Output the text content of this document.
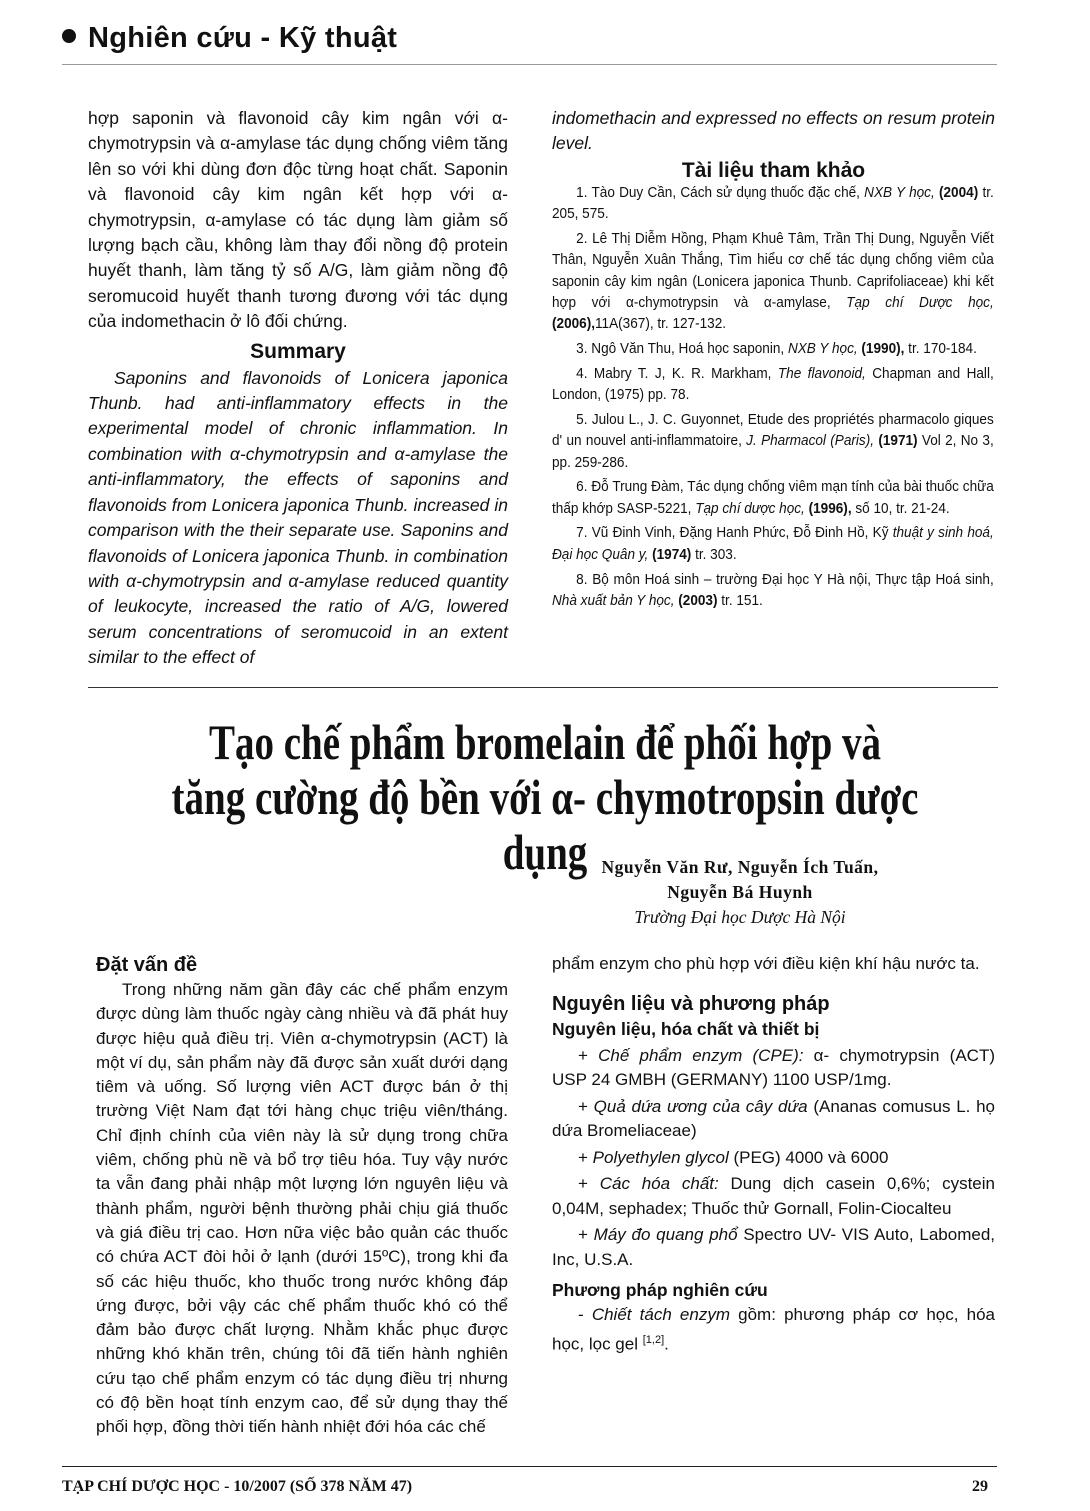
Nghiên cứu - Kỹ thuật

hợp saponin và flavonoid cây kim ngân với α-chymotrypsin và α-amylase tác dụng chống viêm tăng lên so với khi dùng đơn độc từng hoạt chất. Saponin và flavonoid cây kim ngân kết hợp với α-chymotrypsin, α-amylase có tác dụng làm giảm số lượng bạch cầu, không làm thay đổi nồng độ protein huyết thanh, làm tăng tỷ số A/G, làm giảm nồng độ seromucoid huyết thanh tương đương với tác dụng của indomethacin ở lô đối chứng.

Summary

Saponins and flavonoids of Lonicera japonica Thunb. had anti-inflammatory effects in the experimental model of chronic inflammation. In combination with α-chymotrypsin and α-amylase the anti-inflammatory, the effects of saponins and flavonoids from Lonicera japonica Thunb. increased in comparison with the their separate use. Saponins and flavonoids of Lonicera japonica Thunb. in combination with α-chymotrypsin and α-amylase reduced quantity of leukocyte, increased the ratio of A/G, lowered serum concentrations of seromucoid in an extent similar to the effect of

indomethacin and expressed no effects on resum protein level.

Tài liệu tham khảo

1. Tào Duy Cần, Cách sử dụng thuốc đặc chế, NXB Y học, (2004) tr. 205, 575.

2. Lê Thị Diễm Hồng, Phạm Khuê Tâm, Trần Thị Dung, Nguyễn Viết Thân, Nguyễn Xuân Thắng, Tìm hiểu cơ chế tác dụng chống viêm của saponin cây kim ngân (Lonicera japonica Thunb. Caprifoliaceae) khi kết hợp với α-chymotrypsin và α-amylase, Tạp chí Dược học, (2006),11A(367), tr. 127-132.

3. Ngô Văn Thu, Hoá học saponin, NXB Y học, (1990), tr. 170-184.

4. Mabry T. J, K. R. Markham, The flavonoid, Chapman and Hall, London, (1975) pp. 78.

5. Julou L., J. C. Guyonnet, Etude des propriétés pharmacolo giques d' un nouvel anti-inflammatoire, J. Pharmacol (Paris), (1971) Vol 2, No 3, pp. 259-286.

6. Đỗ Trung Đàm, Tác dụng chống viêm mạn tính của bài thuốc chữa thấp khớp SASP-5221, Tạp chí dược học, (1996), số 10, tr. 21-24.

7. Vũ Đinh Vinh, Đặng Hanh Phức, Đỗ Đinh Hồ, Kỹ thuật y sinh hoá, Đại học Quân y, (1974) tr. 303.

8. Bộ môn Hoá sinh – trường Đại học Y Hà nội, Thực tập Hoá sinh, Nhà xuất bản Y học, (2003) tr. 151.

Tạo chế phẩm bromelain để phối hợp và
tăng cường độ bền với α- chymotropsin dược dụng Nguyễn Văn Rư, Nguyễn Ích Tuấn,
Nguyễn Bá Huynh
Trường Đại học Dược Hà Nội
Đặt vấn đề

Trong những năm gần đây các chế phẩm enzym được dùng làm thuốc ngày càng nhiều và đã phát huy được hiệu quả điều trị. Viên α-chymotrypsin (ACT) là một ví dụ, sản phẩm này đã được sản xuất dưới dạng tiêm và uống. Số lượng viên ACT được bán ở thị trường Việt Nam đạt tới hàng chục triệu viên/tháng. Chỉ định chính của viên này là sử dụng trong chữa viêm, chống phù nề và bổ trợ tiêu hóa. Tuy vậy nước ta vẫn đang phải nhập một lượng lớn nguyên liệu và thành phẩm, người bệnh thường phải chịu giá thuốc và giá điều trị cao. Hơn nữa việc bảo quản các thuốc có chứa ACT đòi hỏi ở lạnh (dưới 15ºC), trong khi đa số các hiệu thuốc, kho thuốc trong nước không đáp ứng được, bởi vậy các chế phẩm thuốc khó có thể đảm bảo được chất lượng. Nhằm khắc phục được những khó khăn trên, chúng tôi đã tiến hành nghiên cứu tạo chế phẩm enzym có tác dụng điều trị nhưng có độ bền hoạt tính enzym cao, để sử dụng thay thế phối hợp, đồng thời tiến hành nhiệt đới hóa các chế

phẩm enzym cho phù hợp với điều kiện khí hậu nước ta.

Nguyên liệu và phương pháp
Nguyên liệu, hóa chất và thiết bị

+ Chế phẩm enzym (CPE): α- chymotrypsin (ACT) USP 24 GMBH (GERMANY) 1100 USP/1mg.

+ Quả dứa ương của cây dứa (Ananas comusus L. họ dứa Bromeliaceae)

+ Polyethylen glycol (PEG) 4000 và 6000

+ Các hóa chất: Dung dịch casein 0,6%; cystein 0,04M, sephadex; Thuốc thử Gornall, Folin-Ciocalteu

+ Máy đo quang phổ Spectro UV- VIS Auto, Labomed, Inc, U.S.A.

Phương pháp nghiên cứu

- Chiết tách enzym gồm: phương pháp cơ học, hóa học, lọc gel [1,2].

TẠP CHÍ DƯỢC HỌC - 10/2007 (SỐ 378 NĂM 47)	29
